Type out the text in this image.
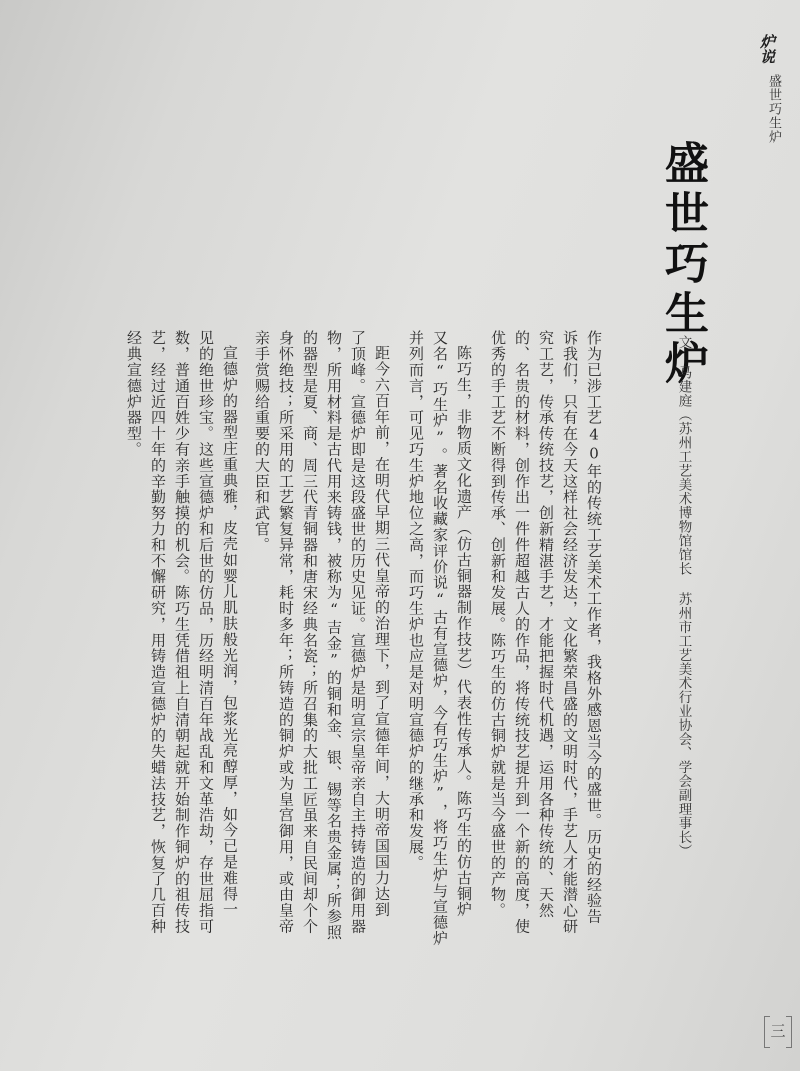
炉说
盛世巧生炉
盛世巧生炉
文 马建庭（苏州工艺美术博物馆馆长 苏州市工艺美术行业协会、学会副理事长）
作为已涉工艺40年的传统工艺美术工作者，我格外感恩当今的盛世。历史的经验告
诉我们，只有在今天这样社会经济发达，文化繁荣昌盛的文明时代，手艺人才能潜心研
究工艺，传承传统技艺，创新精湛手艺，才能把握时代机遇，运用各种传统的、天然
的、名贵的材料，创作出一件件超越古人的作品，将传统技艺提升到一个新的高度，使
优秀的手工艺不断得到传承、创新和发展。陈巧生的仿古铜炉就是当今盛世的产物。
陈巧生，非物质文化遗产（仿古铜器制作技艺）代表性传承人。陈巧生的仿古铜炉
又名“巧生炉”。著名收藏家评价说“古有宣德炉，今有巧生炉”，将巧生炉与宣德炉
并列而言，可见巧生炉地位之高，而巧生炉也应是对明宣德炉的继承和发展。
距今六百年前，在明代早期三代皇帝的治理下，到了宣德年间，大明帝国国力达到
了顶峰。宣德炉即是这段盛世的历史见证。宣德炉是明宣宗皇帝亲自主持铸造的御用器
物，所用材料是古代用来铸钱，被称为“吉金”的铜和金、银、锡等名贵金属；所参照
的器型是夏、商、周三代青铜器和唐宋经典名瓷；所召集的大批工匠虽来自民间却个个
身怀绝技；所采用的工艺繁复异常，耗时多年；所铸造的铜炉或为皇宫御用，或由皇帝
亲手赏赐给重要的大臣和武官。
宣德炉的器型庄重典雅，皮壳如婴儿肌肤般光润，包浆光亮醇厚，如今已是难得一
见的绝世珍宝。这些宣德炉和后世的仿品，历经明清百年战乱和文革浩劫，存世屈指可
数，普通百姓少有亲手触摸的机会。陈巧生凭借祖上自清朝起就开始制作铜炉的祖传技
艺，经过近四十年的辛勤努力和不懈研究，用铸造宣德炉的失蜡法技艺，恢复了几百种
经典宣德炉器型。
三
